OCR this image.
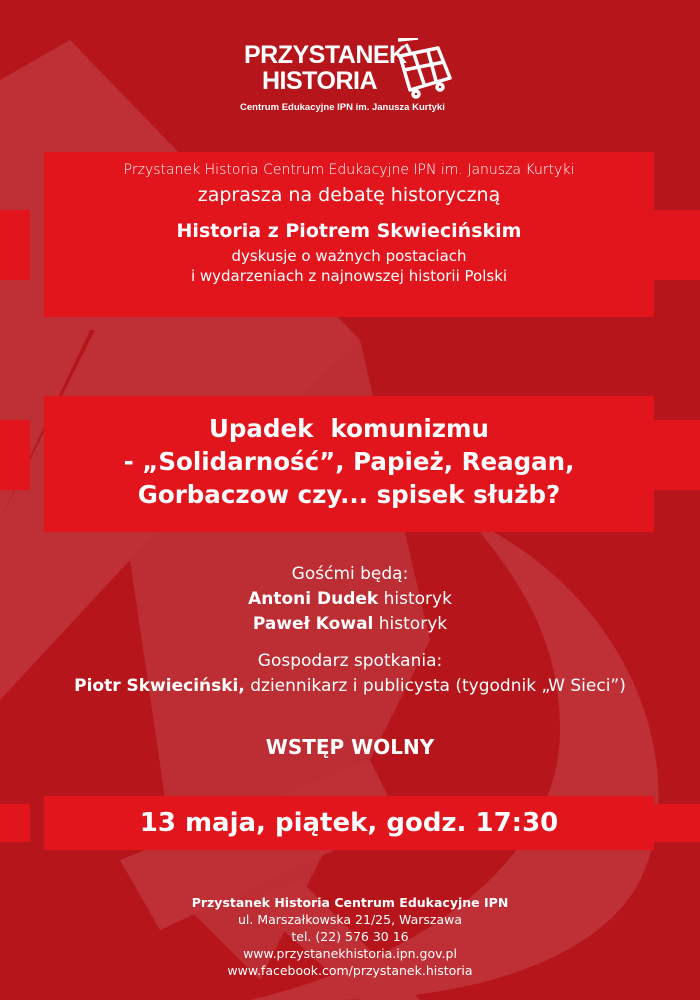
PRZYSTANEK
HISTORIA
Centrum Edukacyjne IPN im. Janusza Kurtyki
Przystanek Historia Centrum Edukacyjne IPN im. Janusza Kurtyki
zaprasza na debatę historyczną
Historia z Piotrem Skwiecińskim
dyskusje o ważnych postaciach
i wydarzeniach z najnowszej historii Polski
Upadek  komunizmu
- „Solidarność”, Papież, Reagan,
Gorbaczow czy... spisek służb?
Gośćmi będą:
Antoni Dudek historyk
Paweł Kowal historyk
Gospodarz spotkania:
Piotr Skwieciński, dziennikarz i publicysta (tygodnik „W Sieci”)
WSTĘP WOLNY
13 maja, piątek, godz. 17:30
Przystanek Historia Centrum Edukacyjne IPN
ul. Marszałkowska 21/25, Warszawa
tel. (22) 576 30 16
www.przystanekhistoria.ipn.gov.pl
www.facebook.com/przystanek.historia
